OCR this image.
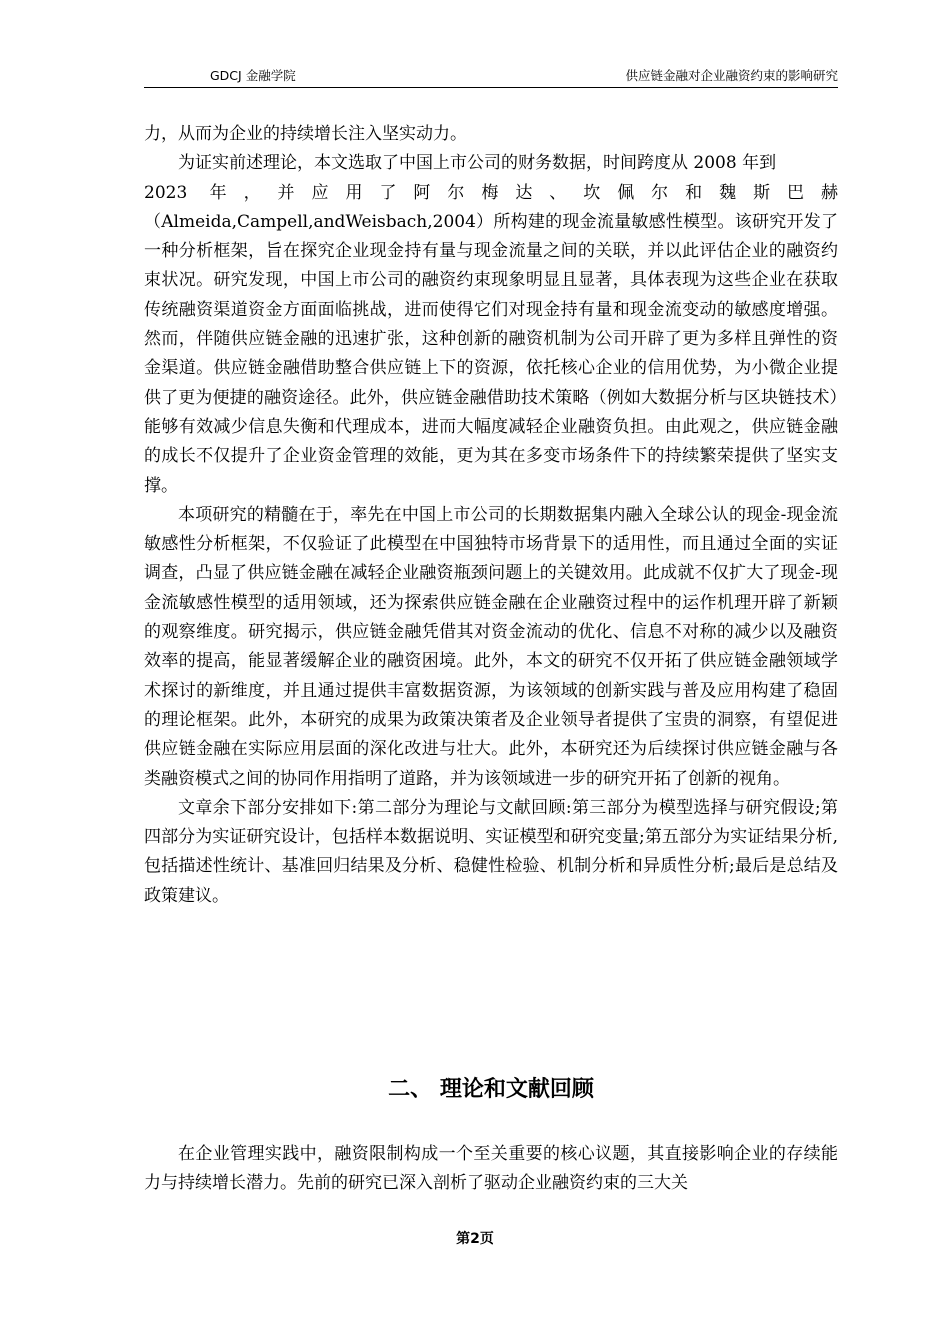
GDCJ 金融学院	供应链金融对企业融资约束的影响研究

力，从而为企业的持续增长注入坚实动力。

为证实前述理论，本文选取了中国上市公司的财务数据，时间跨度从 2008 年到

2023 年，并应用了阿尔梅达、坎佩尔和魏斯巴赫

（Almeida,Campell,andWeisbach,2004）所构建的现金流量敏感性模型。该研究开发了一种分析框架，旨在探究企业现金持有量与现金流量之间的关联，并以此评估企业的融资约束状况。研究发现，中国上市公司的融资约束现象明显且显著，具体表现为这些企业在获取传统融资渠道资金方面面临挑战，进而使得它们对现金持有量和现金流变动的敏感度增强。然而，伴随供应链金融的迅速扩张，这种创新的融资机制为公司开辟了更为多样且弹性的资金渠道。供应链金融借助整合供应链上下的资源，依托核心企业的信用优势，为小微企业提供了更为便捷的融资途径。此外，供应链金融借助技术策略（例如大数据分析与区块链技术）能够有效减少信息失衡和代理成本，进而大幅度减轻企业融资负担。由此观之，供应链金融的成长不仅提升了企业资金管理的效能，更为其在多变市场条件下的持续繁荣提供了坚实支撑。

本项研究的精髓在于，率先在中国上市公司的长期数据集内融入全球公认的现金-现金流敏感性分析框架，不仅验证了此模型在中国独特市场背景下的适用性，而且通过全面的实证调查，凸显了供应链金融在减轻企业融资瓶颈问题上的关键效用。此成就不仅扩大了现金-现金流敏感性模型的适用领域，还为探索供应链金融在企业融资过程中的运作机理开辟了新颖的观察维度。研究揭示，供应链金融凭借其对资金流动的优化、信息不对称的减少以及融资效率的提高，能显著缓解企业的融资困境。此外，本文的研究不仅开拓了供应链金融领域学术探讨的新维度，并且通过提供丰富数据资源，为该领域的创新实践与普及应用构建了稳固的理论框架。此外，本研究的成果为政策决策者及企业领导者提供了宝贵的洞察，有望促进供应链金融在实际应用层面的深化改进与壮大。此外，本研究还为后续探讨供应链金融与各类融资模式之间的协同作用指明了道路，并为该领域进一步的研究开拓了创新的视角。

文章余下部分安排如下:第二部分为理论与文献回顾:第三部分为模型选择与研究假设;第四部分为实证研究设计，包括样本数据说明、实证模型和研究变量;第五部分为实证结果分析,包括描述性统计、基准回归结果及分析、稳健性检验、机制分析和异质性分析;最后是总结及政策建议。

二、 理论和文献回顾

在企业管理实践中，融资限制构成一个至关重要的核心议题，其直接影响企业的存续能力与持续增长潜力。先前的研究已深入剖析了驱动企业融资约束的三大关

第2页
